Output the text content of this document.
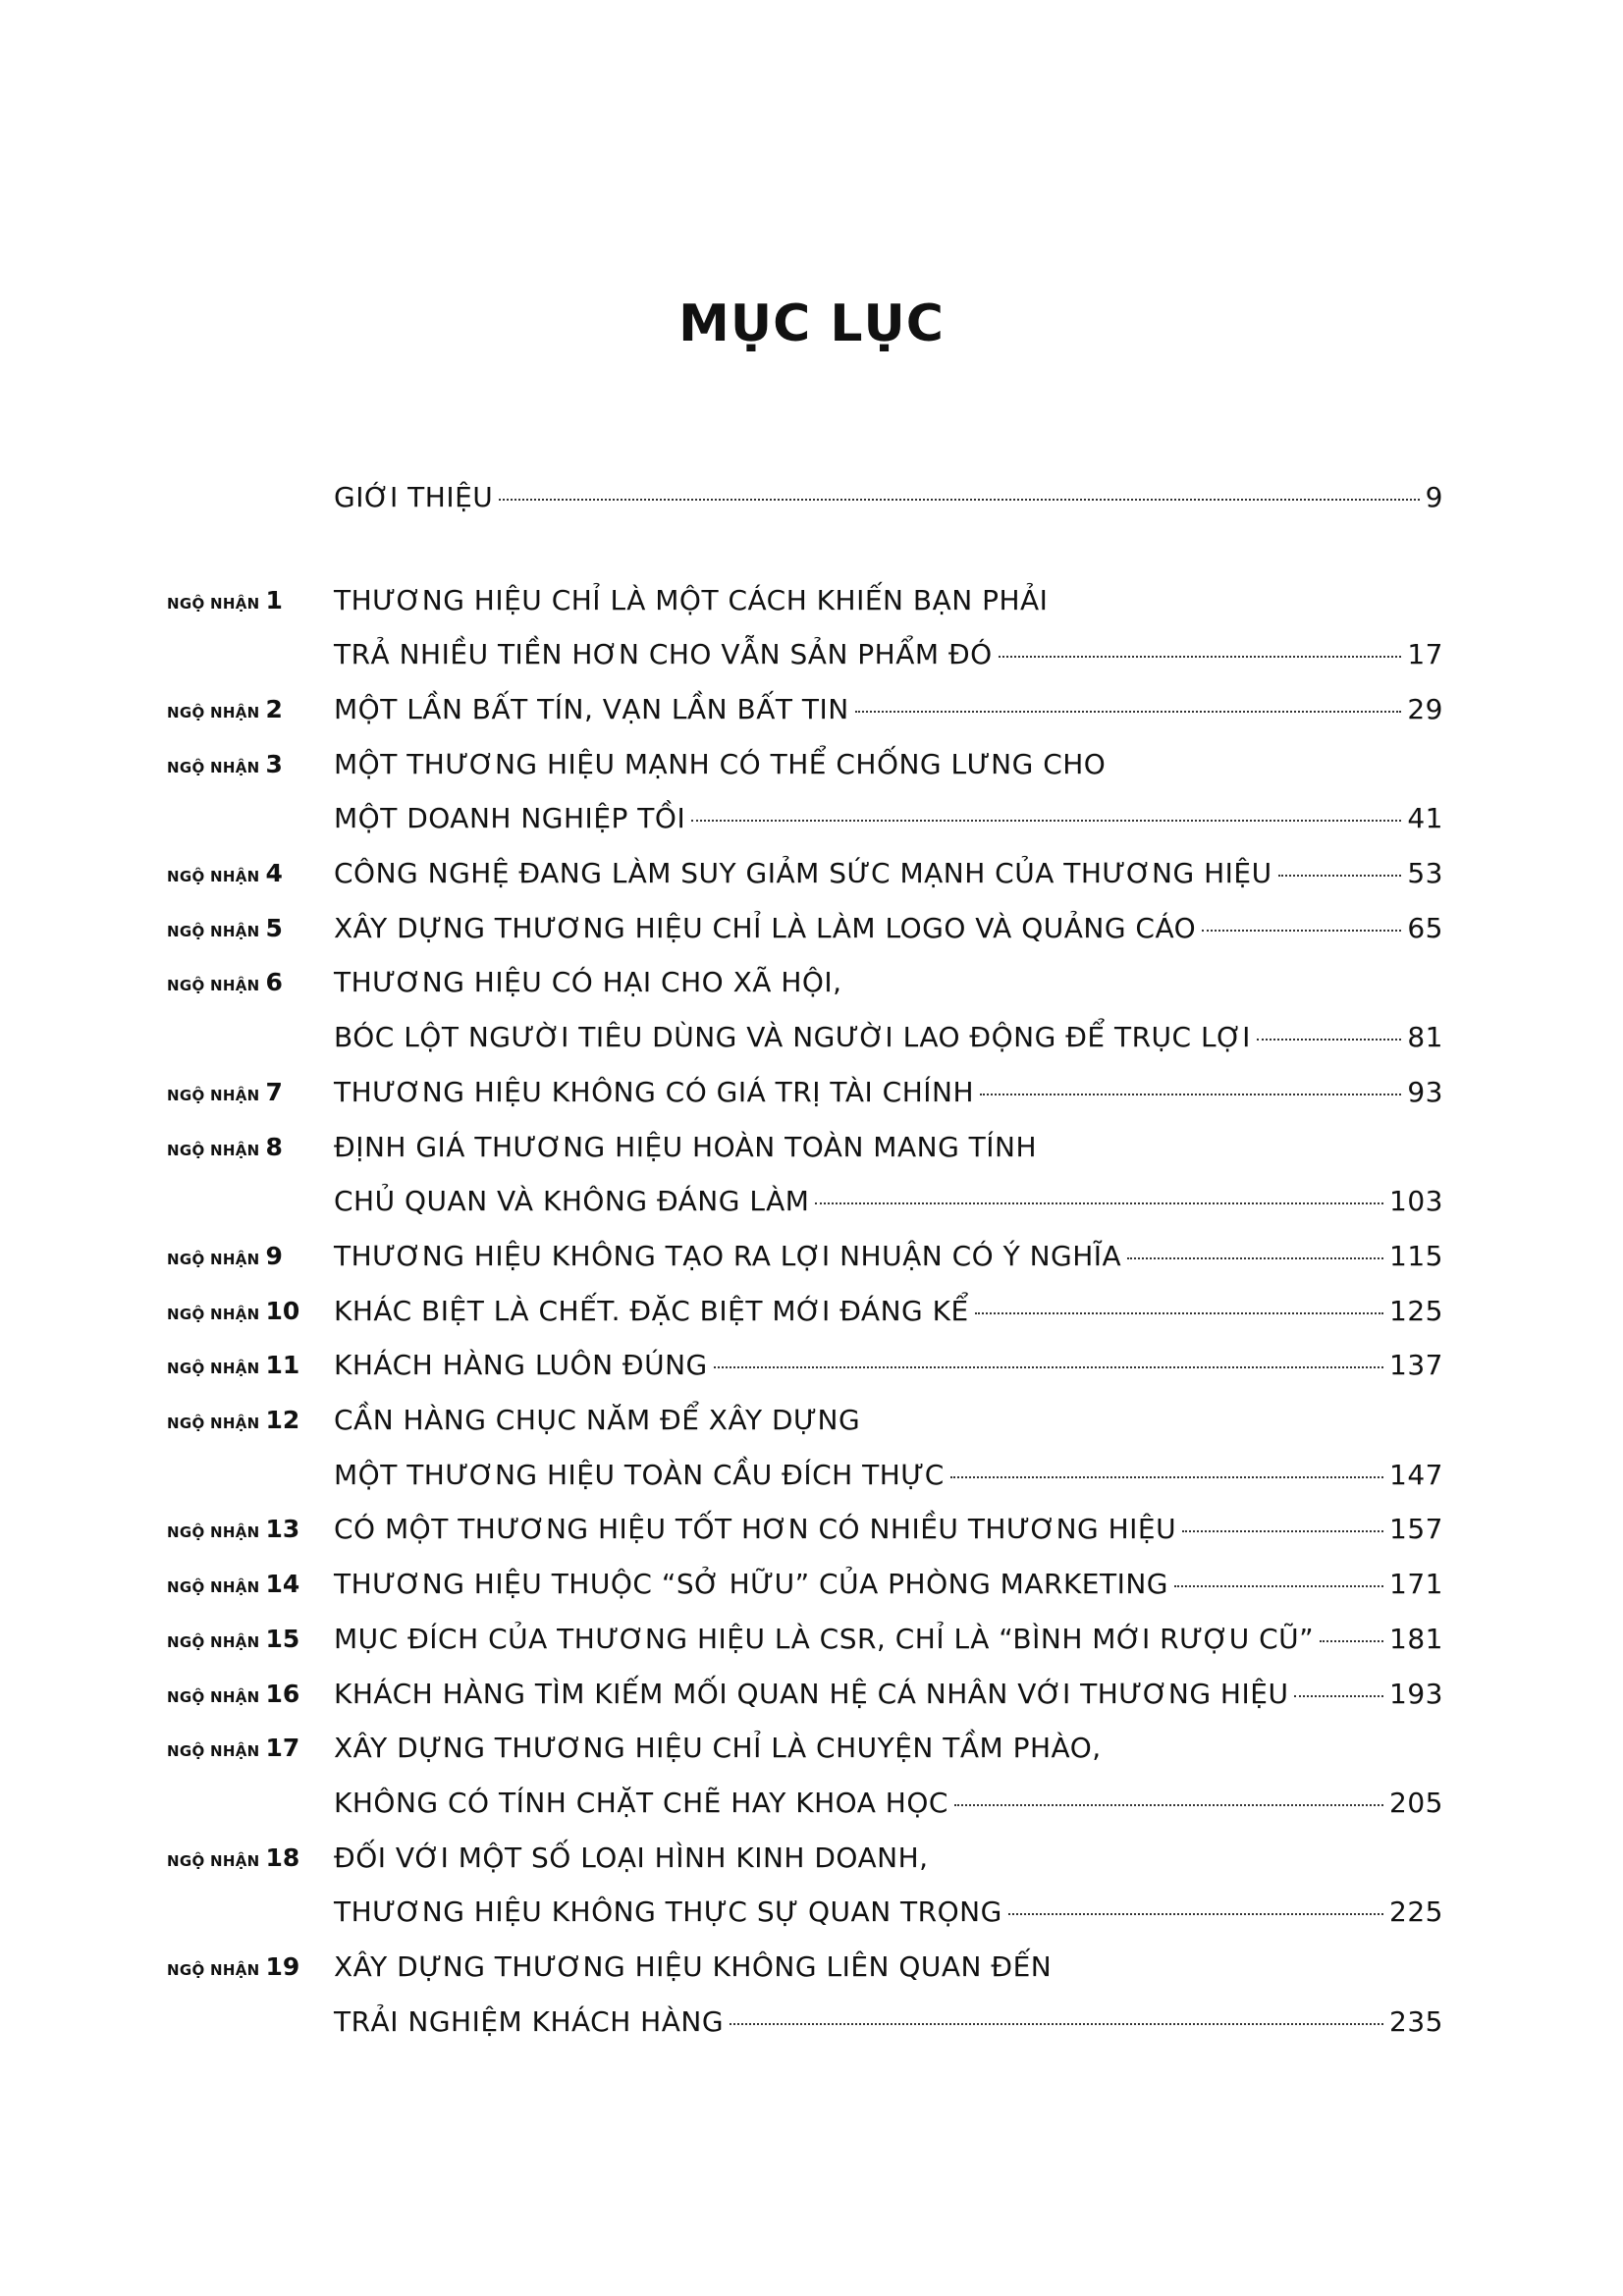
MỤC LỤC
GIỚI THIỆU	9
NGỘ NHẬN 1	THƯƠNG HIỆU CHỈ LÀ MỘT CÁCH KHIẾN BẠN PHẢI
TRẢ NHIỀU TIỀN HƠN CHO VẪN SẢN PHẨM ĐÓ	17
NGỘ NHẬN 2	MỘT LẦN BẤT TÍN, VẠN LẦN BẤT TIN	29
NGỘ NHẬN 3	MỘT THƯƠNG HIỆU MẠNH CÓ THỂ CHỐNG LƯNG CHO
MỘT DOANH NGHIỆP TỒI	41
NGỘ NHẬN 4	CÔNG NGHỆ ĐANG LÀM SUY GIẢM SỨC MẠNH CỦA THƯƠNG HIỆU	53
NGỘ NHẬN 5	XÂY DỰNG THƯƠNG HIỆU CHỈ LÀ LÀM LOGO VÀ QUẢNG CÁO	65
NGỘ NHẬN 6	THƯƠNG HIỆU CÓ HẠI CHO XÃ HỘI,
BÓC LỘT NGƯỜI TIÊU DÙNG VÀ NGƯỜI LAO ĐỘNG ĐỂ TRỤC LỢI	81
NGỘ NHẬN 7	THƯƠNG HIỆU KHÔNG CÓ GIÁ TRỊ TÀI CHÍNH	93
NGỘ NHẬN 8	ĐỊNH GIÁ THƯƠNG HIỆU HOÀN TOÀN MANG TÍNH
CHỦ QUAN VÀ KHÔNG ĐÁNG LÀM	103
NGỘ NHẬN 9	THƯƠNG HIỆU KHÔNG TẠO RA LỢI NHUẬN CÓ Ý NGHĨA	115
NGỘ NHẬN 10	KHÁC BIỆT LÀ CHẾT. ĐẶC BIỆT MỚI ĐÁNG KỂ	125
NGỘ NHẬN 11	KHÁCH HÀNG LUÔN ĐÚNG	137
NGỘ NHẬN 12	CẦN HÀNG CHỤC NĂM ĐỂ XÂY DỰNG
MỘT THƯƠNG HIỆU TOÀN CẦU ĐÍCH THỰC	147
NGỘ NHẬN 13	CÓ MỘT THƯƠNG HIỆU TỐT HƠN CÓ NHIỀU THƯƠNG HIỆU	157
NGỘ NHẬN 14	THƯƠNG HIỆU THUỘC “SỞ HỮU” CỦA PHÒNG MARKETING	171
NGỘ NHẬN 15	MỤC ĐÍCH CỦA THƯƠNG HIỆU LÀ CSR, CHỈ LÀ “BÌNH MỚI RƯỢU CŨ”	181
NGỘ NHẬN 16	KHÁCH HÀNG TÌM KIẾM MỐI QUAN HỆ CÁ NHÂN VỚI THƯƠNG HIỆU	193
NGỘ NHẬN 17	XÂY DỰNG THƯƠNG HIỆU CHỈ LÀ CHUYỆN TẦM PHÀO,
KHÔNG CÓ TÍNH CHẶT CHẼ HAY KHOA HỌC	205
NGỘ NHẬN 18	ĐỐI VỚI MỘT SỐ LOẠI HÌNH KINH DOANH,
THƯƠNG HIỆU KHÔNG THỰC SỰ QUAN TRỌNG	225
NGỘ NHẬN 19	XÂY DỰNG THƯƠNG HIỆU KHÔNG LIÊN QUAN ĐẾN
TRẢI NGHIỆM KHÁCH HÀNG	235
